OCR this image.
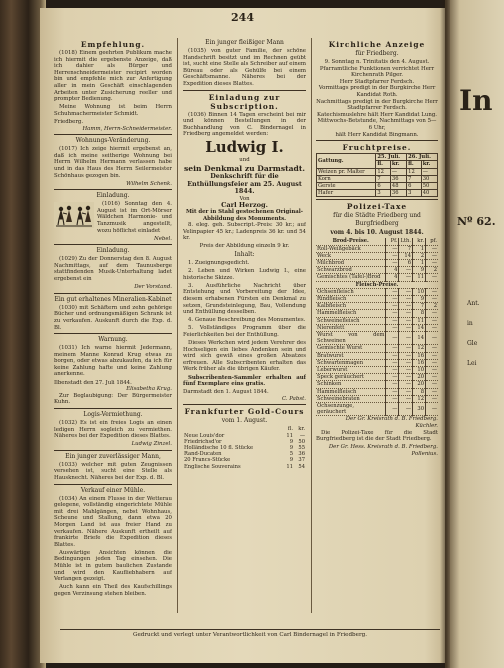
244
Empfehlung.
(1018) Einem geehrten Publikum mache ich hiermit die ergebenste Anzeige, daß ich dahier als Bürger und Herrenschneidermeister recipirt worden bin und empfehle mich zur Anfertigung aller in mein Geschäft einschlagenden Arbeiten unter Zusicherung reeller und prompter Bedienung.
Meine Wohnung ist beim Herrn Schuhmachermeister Schmidt.
Friedberg.
Hamm, Herrn-Schneidermeister.
Wohnungs-Veränderung.
(1017) Ich zeige hiermit ergebenst an, daß ich meine seitherige Wohnung bei Herrn Wilhelm Hermann verlassen habe und in das Haus des Herrn Seilermeister Schönhaus gezogen bin.
Wilhelm Schenk.
Einladung.
(1016) Sonntag den 4. August ist im Ort-Mörser Wäldchen Harmonie- und Tanzmusik angestellt, wozu höflichst einladet
Nebel.
Einladung.
(1029) Zu der Donnerstag den 8. August Nachmittags, auf dem Taunusberge stattfindenden Musik-Unterhaltung ladet ergebenst ein
Der Vorstand.
Ein gut erhaltenes Mineralien-Kabinet
(1030) mit Schäftern und zehn gehörige Bücher und ordnungsmäßigen Schrank ist zu verkaufen. Auskunft durch die Exp. d. Bl.
Warnung.
(1031) Ich warne hiermit Jedermann, meinem Manne Konrad Krug etwas zu borgen, oder etwas abzukaufen, da ich für keine Zahlung hafte und keine Zahlung anerkenne.
Ilbenstadt den 27. Juli 1844.
Elisabetha Krug.
Zur Beglaubigung: Der Bürgermeister Kuhn.
Logis-Vermiethung.
(1032) Es ist ein freies Logis an einen ledigen Herrn sogleich zu vermiethen. Näheres bei der Expedition dieses Blattes.
Ludwig Zinzel.
Ein junger zuverlässiger Mann,
(1033) welcher mit guten Zeugnissen versehen ist, sucht eine Stelle als Hausknecht. Näheres bei der Exp. d. Bl.
Verkauf einer Mühle.
(1034) An einem Flusse in der Wetterau gelegene, vollständig eingerichtete Mühle mit drei Mahlgängen, nebst Wohnhaus, Scheune und Stallung, dann etwa 20 Morgen Land ist aus freier Hand zu verkaufen. Nähere Auskunft ertheilt auf frankirte Briefe die Expedition dieses Blattes.
Auswärtige Ansichten können die Bedingungen jeden Tag einsehen. Die Mühle ist in gutem baulichen Zustande und wird den Kaufliebhabern auf Verlangen gezeigt.
Auch kann ein Theil des Kaufschillings gegen Verzinsung stehen bleiben.
Ein junger fleißiger Mann
(1035) von guter Familie, der schöne Handschrift besitzt und im Rechnen geübt ist, sucht eine Stelle als Schreiber auf einem Büreau oder als Gehülfe bei einem Geschäftsmanne. Näheres bei der Expedition dieses Blattes.
Einladung zur Subscription.
(1036) Binnen 14 Tagen erscheint bei mir und können Bestellungen in der Buchhandlung von C. Bindernagel in Friedberg angemeldet werden:
Ludwig I.
und
sein Denkmal zu Darmstadt.
Denkschrift für die Enthüllungsfeier am 25. August 1844.
Von
Carl Herzog.
Mit der in Stahl gestochenen Original-Abbildung des Monuments.
8. eleg. geh. Subscript.-Preis: 30 kr.; auf Velinpapier 45 kr.; Ladenpreis 36 kr. und 54 kr.
Preis der Abbildung einzeln 9 kr.
Inhalt:
1. Zueignungsgedicht.
2. Leben und Wirken Ludwig I., eine historische Skizze.
3. Ausführliche Nachricht über Entstehung und Vorbereitung der Idee, diesem erhabenen Fürsten ein Denkmal zu setzen, Grundsteinlegung, Bau, Vollendung und Enthüllung desselben.
4. Genaue Beschreibung des Monumentes.
5. Vollständiges Programm über die Feierlichkeiten bei der Enthüllung.
Dieses Werkchen wird jedem Verehrer des Hochseligen ein liebes Andenken sein und wird sich gewiß eines großen Absatzes erfreuen. Alle Subscribenten erhalten das Werk früher als die übrigen Käufer.
Subscribenten-Sammler erhalten auf fünf Exemplare eins gratis.
Darmstadt den 1. August 1844.
C. Pabst.
Frankfurter Gold-Cours
vom 1. August.
	fl.	kr.
Neue Louis'dor	11	—
Friedrichsd'or	9	50
Holländische 10 fl. Stücke	9	55
Rand-Ducaten	5	36
20 Francs-Stücke	9	37
Englische Souverains	11	54
Kirchliche Anzeige
für Friedberg.
9. Sonntag n. Trinitatis den 4. August.
Pfarramtliche Funktionen verrichtet Herr Kirchenrath Pilger.
Herr Stadtpfarrer Ferdsch.
Vormittags predigt in der Burgkirche Herr Kandidat Roth.
Nachmittags predigt in der Burgkirche Herr Stadtpfarrer Ferdsch.
Katechismuslehre hält Herr Kandidat Lung.
Mittwochs-Betstunde, Nachmittags von 5—6 Uhr,
hält Herr Kandidat Bingmann.
Fruchtpreise.
Gattung.	25. Juli.		26. Juli.	
	fl.	kr.	fl.	kr.
Weizen pr. Malter	12	—	12	—
Korn	7	36	7	30
Gerste	6	48	6	50
Hafer	3	36	3	40
Polizei-Taxe
für die Städte Friedberg und Burgfriedberg
vom 4. bis 10. August 1844.
Brod-Preise.	Pf.	Lth.	kr.	pf.
Roll-Weißgebäck	—	7	1	—
Weck	—	14	2	—
Milchbrod	—	6	1	—
Schwarzbrod	4	—	9	2
Gemischtes (Tafel-)Brod	4	—	11	—
Fleisch-Preise.				
Ochsenfleisch	—	—	10	—
Rindfleisch	—	—	9	—
Kalbfleisch	—	—	7	2
Hammelfleisch	—	—	8	—
Schweinefleisch	—	—	11	—
Nierenfett	—	—	14	—
Wurst von dem Schweinen	—	—	14	—
Gemischte Wurst	—	—	12	—
Bratwurst	—	—	16	—
Schwartenmagen	—	—	16	—
Leberwurst	—	—	10	—
Speck geräuchert	—	—	20	—
Schinken	—	—	20	—
Hammelfleisch	—	—	8	—
Schweinebraten	—	—	12	—
Ochsenzunge, geräuchert	—	—	30	—
Der Gr. Kreisrath d. B. Friedberg.
Küchler.
Die Polizei-Taxe für die Stadt Burgfriedberg ist die der Stadt Friedberg.
Der Gr. Hess. Kreisrath d. B. Friedberg.
Pollenius.
Gedruckt und verlegt unter Verantwortlichkeit von Carl Bindernagel in Friedberg.
In
Nº 62.
Ant.
in
Gle
Lei
